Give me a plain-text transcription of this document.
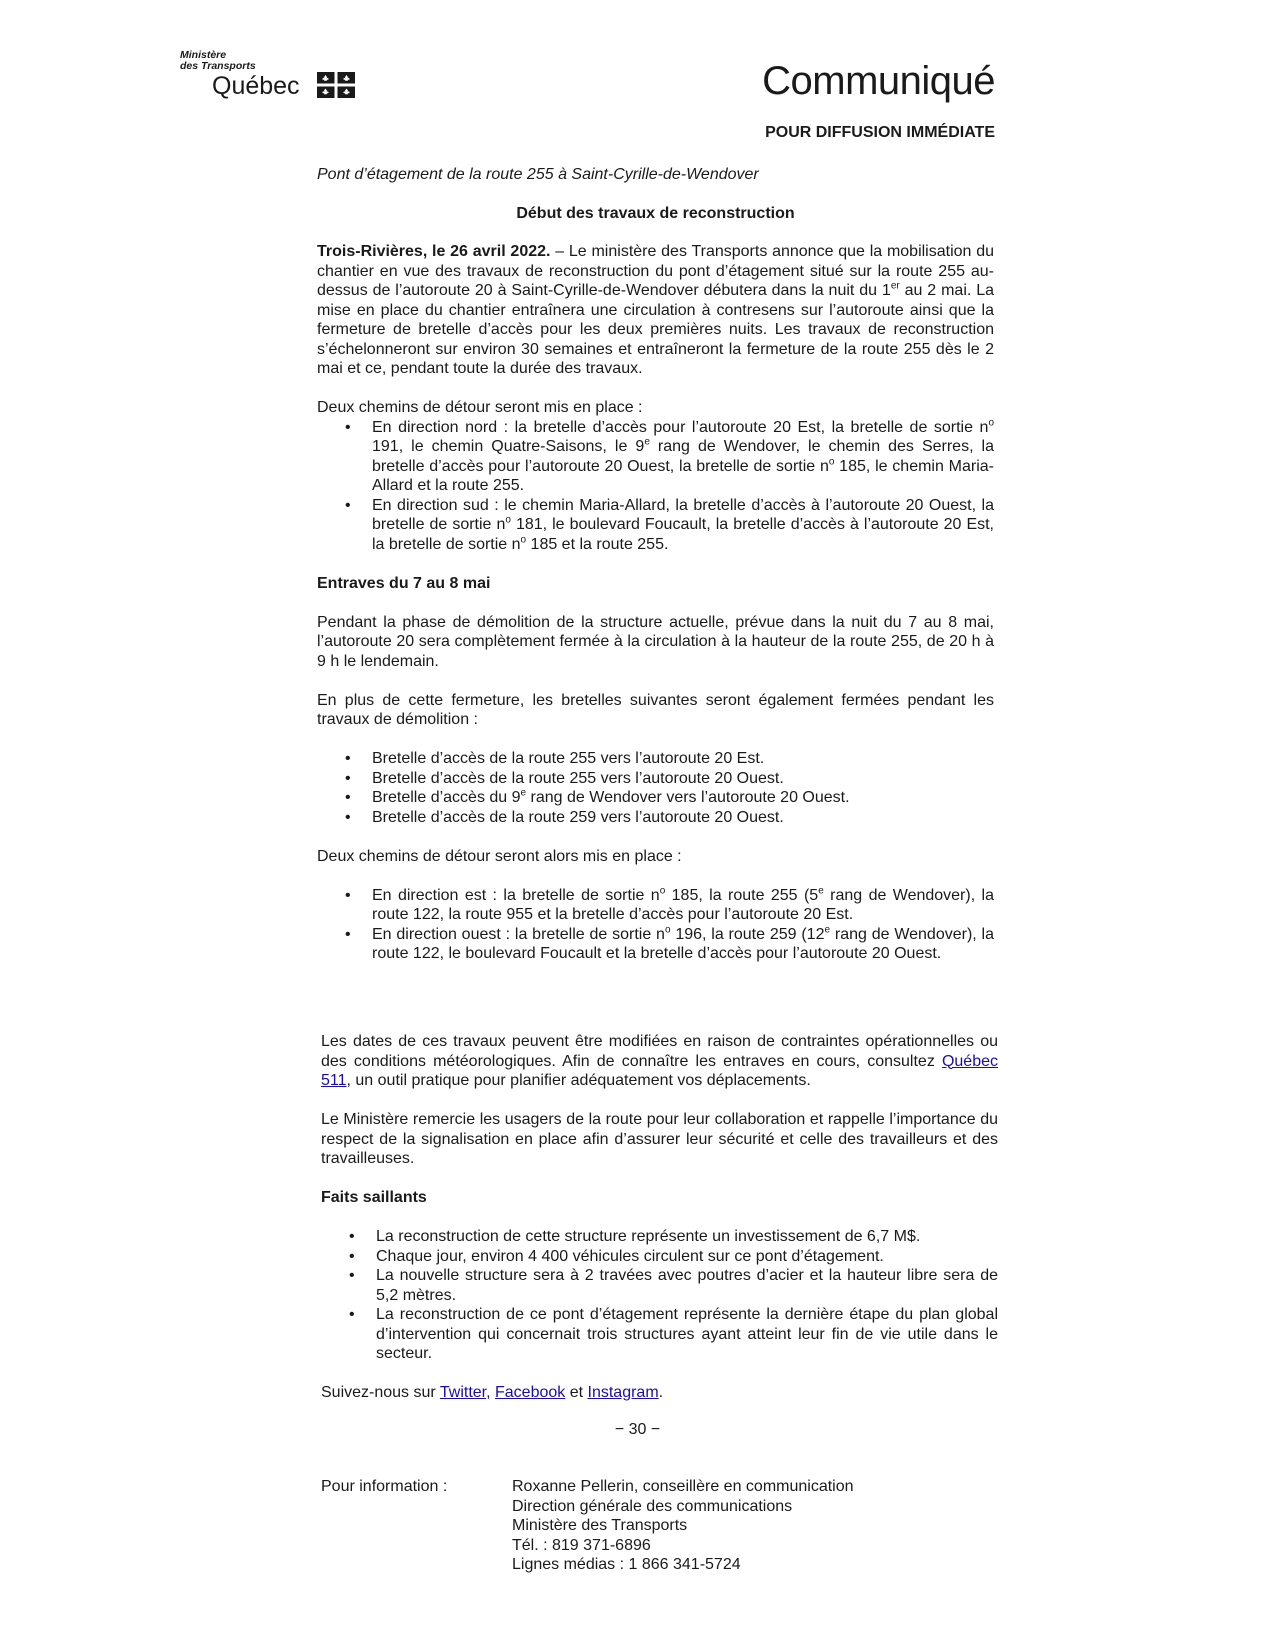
Ministère
des Transports
Québec	Communiqué
POUR DIFFUSION IMMÉDIATE

Pont d’étagement de la route 255 à Saint-Cyrille-de-Wendover

Début des travaux de reconstruction

Trois-Rivières, le 26 avril 2022. – Le ministère des Transports annonce que la mobilisation du chantier en vue des travaux de reconstruction du pont d’étagement situé sur la route 255 au-dessus de l’autoroute 20 à Saint-Cyrille-de-Wendover débutera dans la nuit du 1er au 2 mai. La mise en place du chantier entraînera une circulation à contresens sur l’autoroute ainsi que la fermeture de bretelle d’accès pour les deux premières nuits. Les travaux de reconstruction s’échelonneront sur environ 30 semaines et entraîneront la fermeture de la route 255 dès le 2 mai et ce, pendant toute la durée des travaux.

Deux chemins de détour seront mis en place :

• En direction nord : la bretelle d’accès pour l’autoroute 20 Est, la bretelle de sortie $n^o$ 191, le chemin Quatre-Saisons, le 9e rang de Wendover, le chemin des Serres, la bretelle d’accès pour l’autoroute 20 Ouest, la bretelle de sortie $n^o$ 185, le chemin Maria-Allard et la route 255.
• En direction sud : le chemin Maria-Allard, la bretelle d’accès à l’autoroute 20 Ouest, la bretelle de sortie $n^o$ 181, le boulevard Foucault, la bretelle d’accès à l’autoroute 20 Est, la bretelle de sortie $n^o$ 185 et la route 255.

Entraves du 7 au 8 mai

Pendant la phase de démolition de la structure actuelle, prévue dans la nuit du 7 au 8 mai, l’autoroute 20 sera complètement fermée à la circulation à la hauteur de la route 255, de 20 h à 9 h le lendemain.

En plus de cette fermeture, les bretelles suivantes seront également fermées pendant les travaux de démolition :

• Bretelle d’accès de la route 255 vers l’autoroute 20 Est.
• Bretelle d’accès de la route 255 vers l’autoroute 20 Ouest.
• Bretelle d’accès du 9e rang de Wendover vers l’autoroute 20 Ouest.
• Bretelle d’accès de la route 259 vers l’autoroute 20 Ouest.

Deux chemins de détour seront alors mis en place :

• En direction est : la bretelle de sortie $n^o$ 185, la route 255 (5e rang de Wendover), la route 122, la route 955 et la bretelle d’accès pour l’autoroute 20 Est.
• En direction ouest : la bretelle de sortie $n^o$ 196, la route 259 (12e rang de Wendover), la route 122, le boulevard Foucault et la bretelle d’accès pour l’autoroute 20 Ouest.

Les dates de ces travaux peuvent être modifiées en raison de contraintes opérationnelles ou des conditions météorologiques. Afin de connaître les entraves en cours, consultez Québec 511, un outil pratique pour planifier adéquatement vos déplacements.

Le Ministère remercie les usagers de la route pour leur collaboration et rappelle l’importance du respect de la signalisation en place afin d’assurer leur sécurité et celle des travailleurs et des travailleuses.

Faits saillants

• La reconstruction de cette structure représente un investissement de 6,7 M$.
• Chaque jour, environ 4 400 véhicules circulent sur ce pont d’étagement.
• La nouvelle structure sera à 2 travées avec poutres d’acier et la hauteur libre sera de 5,2 mètres.
• La reconstruction de ce pont d’étagement représente la dernière étape du plan global d’intervention qui concernait trois structures ayant atteint leur fin de vie utile dans le secteur.

Suivez-nous sur Twitter, Facebook et Instagram.

− 30 −
Pour information :	Roxanne Pellerin, conseillère en communication
Direction générale des communications
Ministère des Transports
Tél. : 819 371-6896
Lignes médias : 1 866 341-5724
